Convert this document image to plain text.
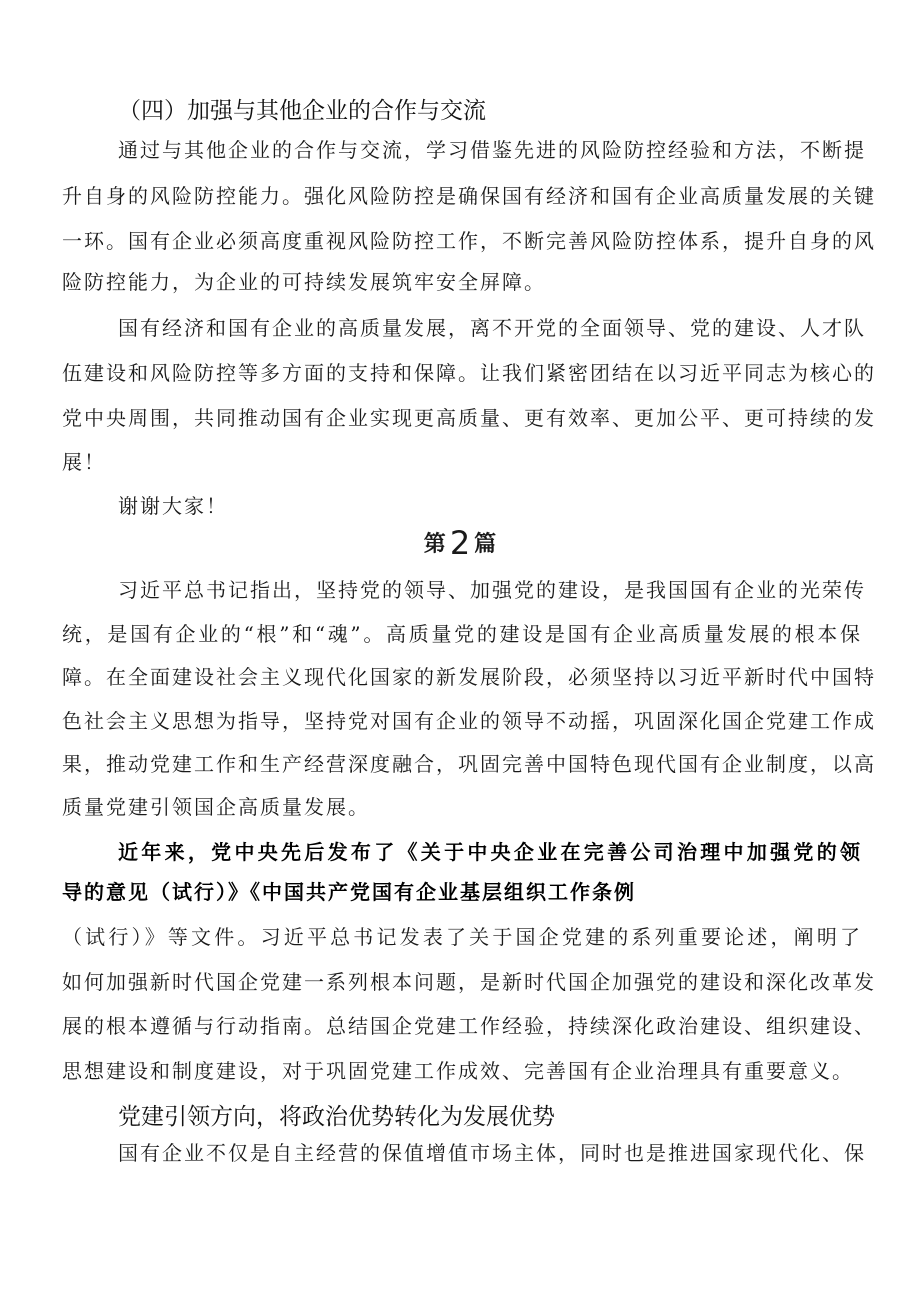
（四）加强与其他企业的合作与交流

通过与其他企业的合作与交流，学习借鉴先进的风险防控经验和方法，不断提

升自身的风险防控能力。强化风险防控是确保国有经济和国有企业高质量发展的关键

一环。国有企业必须高度重视风险防控工作，不断完善风险防控体系，提升自身的风

险防控能力，为企业的可持续发展筑牢安全屏障。

国有经济和国有企业的高质量发展，离不开党的全面领导、党的建设、人才队

伍建设和风险防控等多方面的支持和保障。让我们紧密团结在以习近平同志为核心的

党中央周围，共同推动国有企业实现更高质量、更有效率、更加公平、更可持续的发

展！

谢谢大家！

第 2 篇

习近平总书记指出，坚持党的领导、加强党的建设，是我国国有企业的光荣传

统，是国有企业的“根”和“魂”。高质量党的建设是国有企业高质量发展的根本保

障。在全面建设社会主义现代化国家的新发展阶段，必须坚持以习近平新时代中国特

色社会主义思想为指导，坚持党对国有企业的领导不动摇，巩固深化国企党建工作成

果，推动党建工作和生产经营深度融合，巩固完善中国特色现代国有企业制度，以高

质量党建引领国企高质量发展。

近年来，党中央先后发布了《关于中央企业在完善公司治理中加强党的领

导的意见（试行）》《中国共产党国有企业基层组织工作条例

（试行）》等文件。习近平总书记发表了关于国企党建的系列重要论述，阐明了

如何加强新时代国企党建一系列根本问题，是新时代国企加强党的建设和深化改革发

展的根本遵循与行动指南。总结国企党建工作经验，持续深化政治建设、组织建设、

思想建设和制度建设，对于巩固党建工作成效、完善国有企业治理具有重要意义。

党建引领方向，将政治优势转化为发展优势

国有企业不仅是自主经营的保值增值市场主体，同时也是推进国家现代化、保
